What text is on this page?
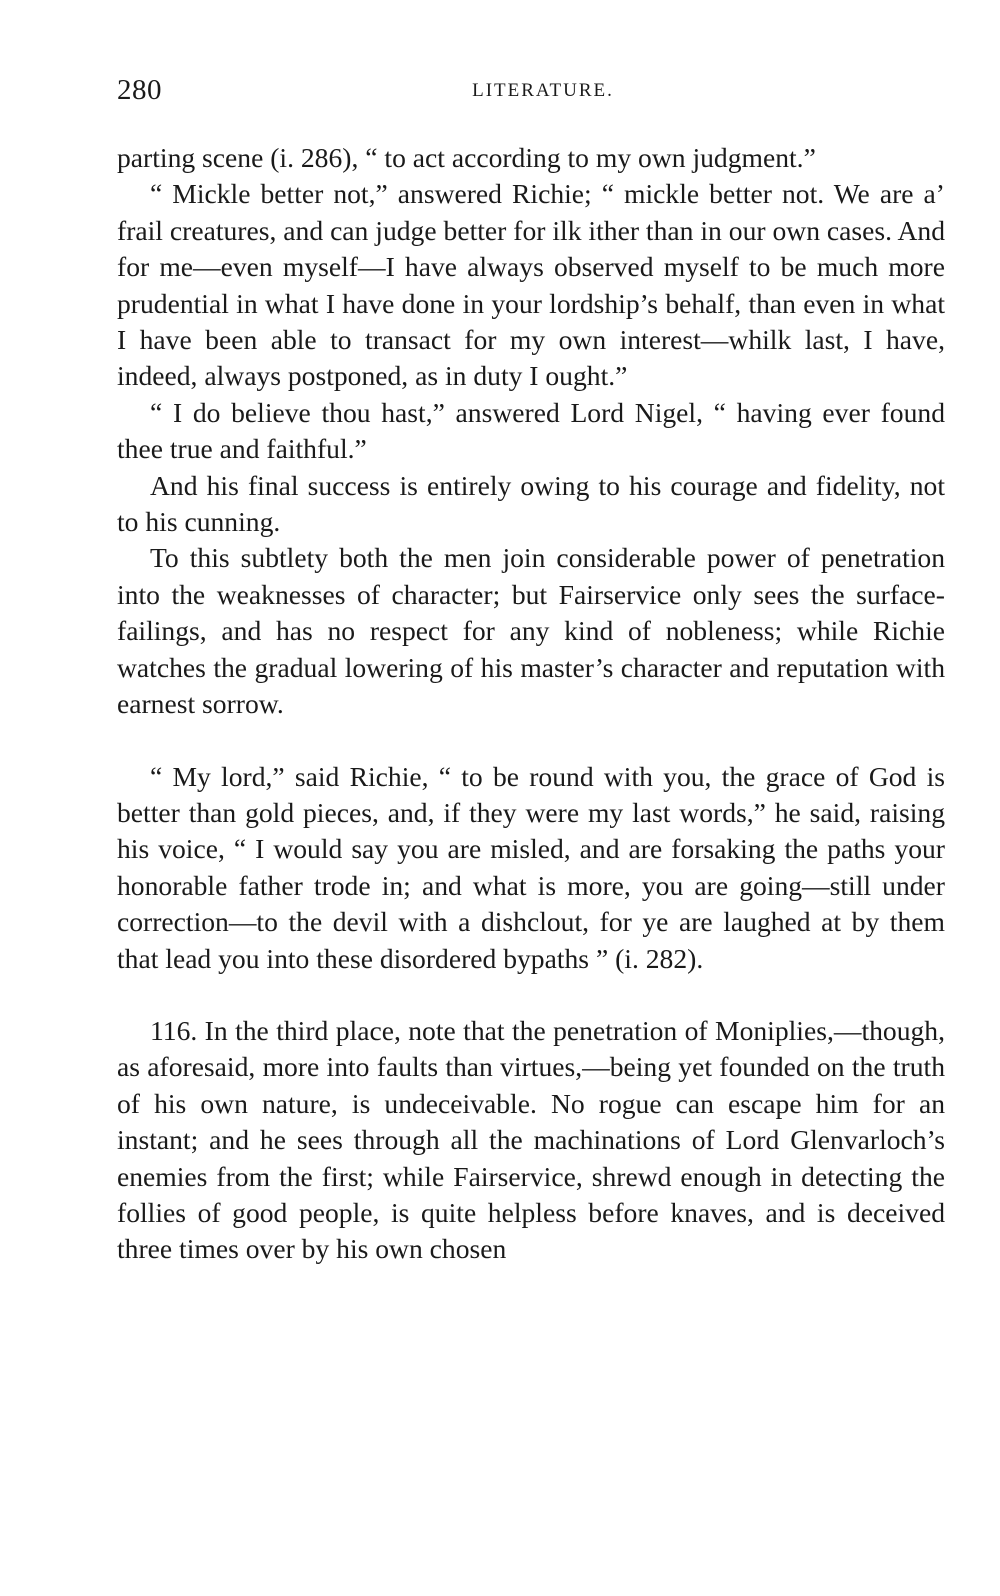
280	LITERATURE.

parting scene (i. 286), “ to act according to my own judgment.”

“ Mickle better not,” answered Richie; “ mickle better not. We are a’ frail creatures, and can judge better for ilk ither than in our own cases. And for me—even myself—I have always observed myself to be much more prudential in what I have done in your lordship’s behalf, than even in what I have been able to transact for my own interest—whilk last, I have, indeed, always postponed, as in duty I ought.”

“ I do believe thou hast,” answered Lord Nigel, “ having ever found thee true and faithful.”

And his final success is entirely owing to his courage and fidelity, not to his cunning.

To this subtlety both the men join considerable power of penetration into the weaknesses of character; but Fairservice only sees the surface-failings, and has no respect for any kind of nobleness; while Richie watches the gradual lowering of his master’s character and reputation with earnest sorrow.

“ My lord,” said Richie, “ to be round with you, the grace of God is better than gold pieces, and, if they were my last words,” he said, raising his voice, “ I would say you are misled, and are forsaking the paths your honorable father trode in; and what is more, you are going—still under correction—to the devil with a dishclout, for ye are laughed at by them that lead you into these disordered bypaths ” (i. 282).

116. In the third place, note that the penetration of Moniplies,—though, as aforesaid, more into faults than virtues,—being yet founded on the truth of his own nature, is undeceivable. No rogue can escape him for an instant; and he sees through all the machinations of Lord Glenvarloch’s enemies from the first; while Fairservice, shrewd enough in detecting the follies of good people, is quite helpless before knaves, and is deceived three times over by his own chosen
